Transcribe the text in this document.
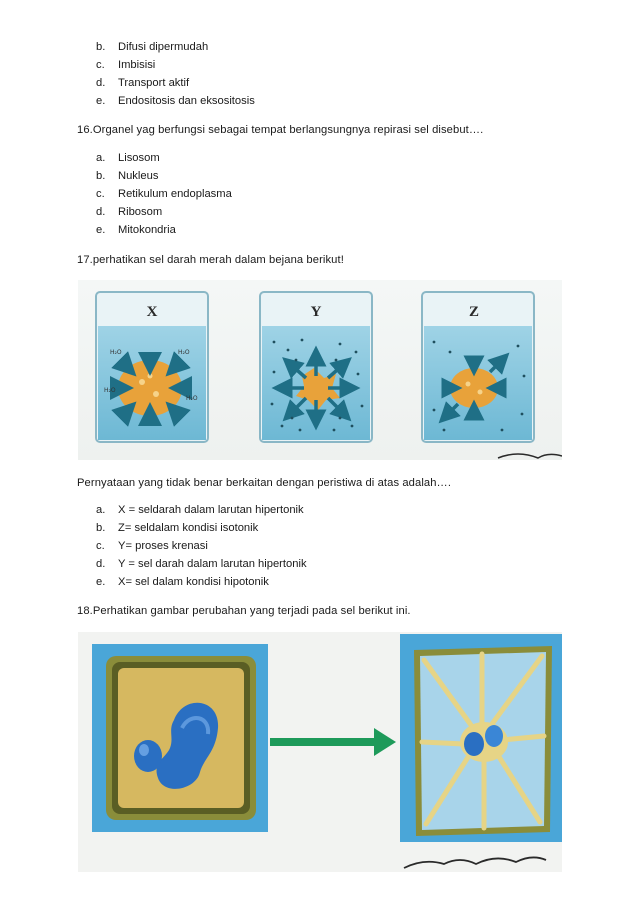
b. Difusi dipermudah
c. Imbisisi
d. Transport aktif
e. Endositosis dan eksositosis
16.Organel yag berfungsi sebagai tempat berlangsungnya repirasi sel disebut….
a. Lisosom
b. Nukleus
c. Retikulum endoplasma
d. Ribosom
e. Mitokondria
17.perhatikan sel darah merah dalam bejana berikut!
X
H₂O	H₂O
H₂O
H₂O
Y	Z
Pernyataan yang tidak benar berkaitan dengan peristiwa di atas adalah….
a. X = seldarah dalam larutan hipertonik
b. Z= seldalam kondisi isotonik
c. Y= proses krenasi
d. Y = sel darah dalam larutan hipertonik
e. X= sel dalam kondisi hipotonik
18.Perhatikan gambar perubahan yang terjadi pada sel berikut ini.
